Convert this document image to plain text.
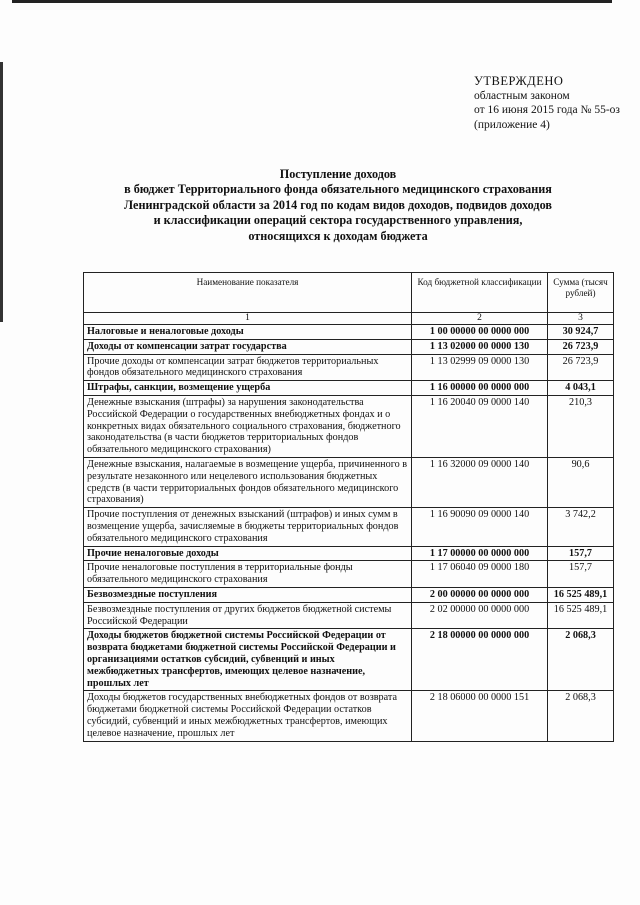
УТВЕРЖДЕНО
областным законом
от 16 июня 2015 года № 55-оз
(приложение 4)
Поступление доходов
в бюджет Территориального фонда обязательного медицинского страхования
Ленинградской области за 2014 год по кодам видов доходов, подвидов доходов
и классификации операций сектора государственного управления,
относящихся к доходам бюджета
Наименование показателя	Код бюджетной классификации	Сумма (тысяч рублей)
1	2	3
Налоговые и неналоговые доходы	1 00 00000 00 0000 000	30 924,7
Доходы от компенсации затрат государства	1 13 02000 00 0000 130	26 723,9
Прочие доходы от компенсации затрат бюджетов территориальных фондов обязательного медицинского страхования	1 13 02999 09 0000 130	26 723,9
Штрафы, санкции, возмещение ущерба	1 16 00000 00 0000 000	4 043,1
Денежные взыскания (штрафы) за нарушения законодательства Российской Федерации о государственных внебюджетных фондах и о конкретных видах обязательного социального страхования, бюджетного законодательства (в части бюджетов территориальных фондов обязательного медицинского страхования)	1 16 20040 09 0000 140	210,3
Денежные взыскания, налагаемые в возмещение ущерба, причиненного в результате незаконного или нецелевого использования бюджетных средств (в части территориальных фондов обязательного медицинского страхования)	1 16 32000 09 0000 140	90,6
Прочие поступления от денежных взысканий (штрафов) и иных сумм в возмещение ущерба, зачисляемые в бюджеты территориальных фондов обязательного медицинского страхования	1 16 90090 09 0000 140	3 742,2
Прочие неналоговые доходы	1 17 00000 00 0000 000	157,7
Прочие неналоговые поступления в территориальные фонды обязательного медицинского страхования	1 17 06040 09 0000 180	157,7
Безвозмездные поступления	2 00 00000 00 0000 000	16 525 489,1
Безвозмездные поступления от других бюджетов бюджетной системы Российской Федерации	2 02 00000 00 0000 000	16 525 489,1
Доходы бюджетов бюджетной системы Российской Федерации от возврата бюджетами бюджетной системы Российской Федерации и организациями остатков субсидий, субвенций и иных межбюджетных трансфертов, имеющих целевое назначение, прошлых лет	2 18 00000 00 0000 000	2 068,3
Доходы бюджетов государственных внебюджетных фондов от возврата бюджетами бюджетной системы Российской Федерации остатков субсидий, субвенций и иных межбюджетных трансфертов, имеющих целевое назначение, прошлых лет	2 18 06000 00 0000 151	2 068,3
